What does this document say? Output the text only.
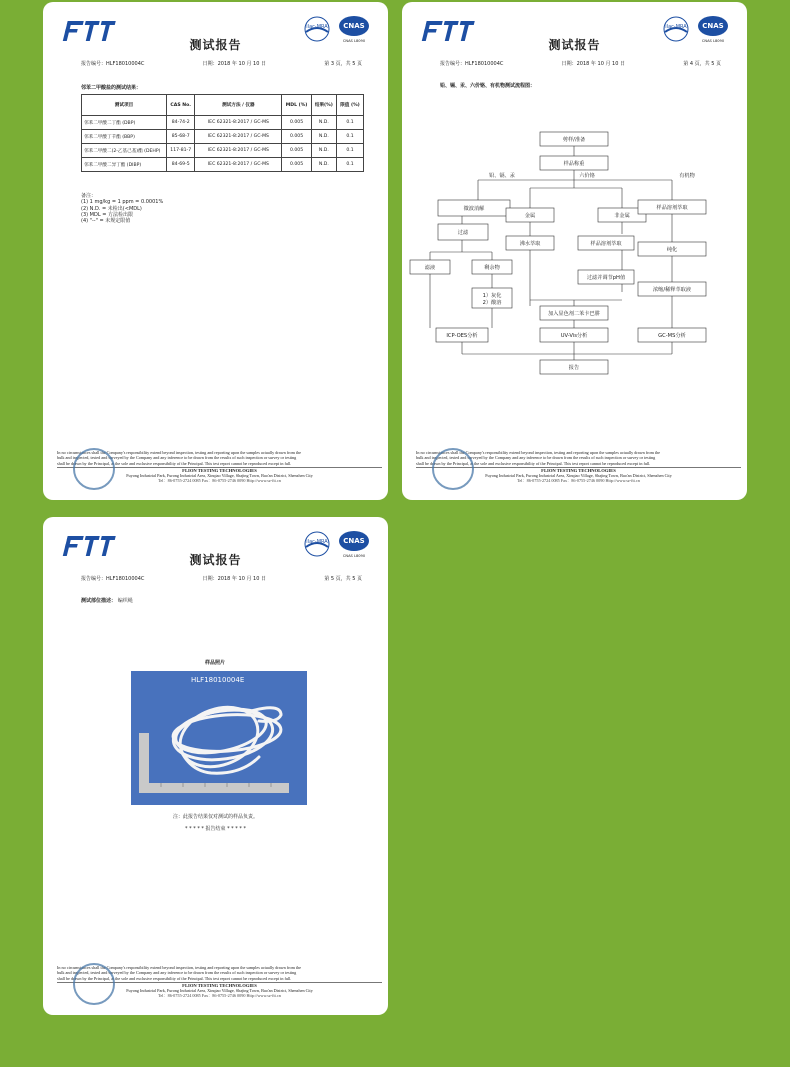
测试报告
ilac-MRA CNAS
CNAS L8090
报告编号：HLF18010004C	日期：2018 年 10 月 10 日	第 3 页，共 5 页
邻苯二甲酸盐的测试结果：
测试项目	CAS No.	测试方法 / 仪器	MDL (%)	结果(%)	限值 (%)
邻苯二甲酸二丁酯 (DBP)	84-74-2	IEC 62321-8:2017 / GC-MS	0.005	N.D.	0.1
邻苯二甲酸丁苄酯 (BBP)	85-68-7	IEC 62321-8:2017 / GC-MS	0.005	N.D.	0.1
邻苯二甲酸二(2-乙基己基)酯 (DEHP)	117-81-7	IEC 62321-8:2017 / GC-MS	0.005	N.D.	0.1
邻苯二甲酸二异丁酯 (DIBP)	84-69-5	IEC 62321-8:2017 / GC-MS	0.005	N.D.	0.1
备注：
(1) 1 mg/kg = 1 ppm = 0.0001%
(2) N.D. = 未检出(<MDL)
(3) MDL = 方法检出限
(4) "--" = 未规定限值
In no circumstances shall the Company's responsibility extend beyond inspection, testing and reporting upon the samples actually drawn from the
bulk and inspected, tested and surveyed by the Company and any inference to be drawn from the results of such inspection or survey or testing
shall be drawn by the Principal, at the sole and exclusive responsibility of the Principal. This test report cannot be reproduced except in full.
FLION TESTING TECHNOLOGIES
Fuyong Industrial Park, Furong Industrial Area, Xinqiao Village, Shajing Town, Bao'an District, Shenzhen City
Tel：86-0755-2724 0085 Fax：86-0755-2746 0090 Http://www.sz-ftt.cn
测试报告
ilac-MRA CNAS
CNAS L8090
报告编号：HLF18010004C	日期：2018 年 10 月 10 日	第 4 页，共 5 页
铅、镉、汞、六价铬、有机物测试流程图：
剪样/准备
样品称重
铅、镉、汞	六价铬	有机物
微波消解
过滤
滤液	剩余物
1）灰化
2）酸溶
金属	非金属
沸水萃取	样品溶剂萃取
过滤并调节pH值
加入显色剂二苯卡巴肼
样品溶剂萃取
纯化
浓缩/稀释萃取液
ICP-OES分析	UV-Vis分析	GC-MS分析
报告
In no circumstances shall the Company's responsibility extend beyond inspection, testing and reporting upon the samples actually drawn from the
bulk and inspected, tested and surveyed by the Company and any inference to be drawn from the results of such inspection or survey or testing
shall be drawn by the Principal, at the sole and exclusive responsibility of the Principal. This test report cannot be reproduced except in full.
FLION TESTING TECHNOLOGIES
Fuyong Industrial Park, Furong Industrial Area, Xinqiao Village, Shajing Town, Bao'an District, Shenzhen City
Tel：86-0755-2724 0085 Fax：86-0755-2746 0090 Http://www.sz-ftt.cn
测试报告
ilac-MRA CNAS
CNAS L8090
报告编号：HLF18010004C	日期：2018 年 10 月 10 日	第 5 页，共 5 页
测试部位描述： 编织绳
样品照片
HLF18010004E
注：此报告结果仅对测试的样品负责。
* * * * * 报告结束 * * * * *
In no circumstances shall the Company's responsibility extend beyond inspection, testing and reporting upon the samples actually drawn from the
bulk and inspected, tested and surveyed by the Company and any inference to be drawn from the results of such inspection or survey or testing
shall be drawn by the Principal, at the sole and exclusive responsibility of the Principal. This test report cannot be reproduced except in full.
FLION TESTING TECHNOLOGIES
Fuyong Industrial Park, Furong Industrial Area, Xinqiao Village, Shajing Town, Bao'an District, Shenzhen City
Tel：86-0755-2724 0085 Fax：86-0755-2746 0090 Http://www.sz-ftt.cn
